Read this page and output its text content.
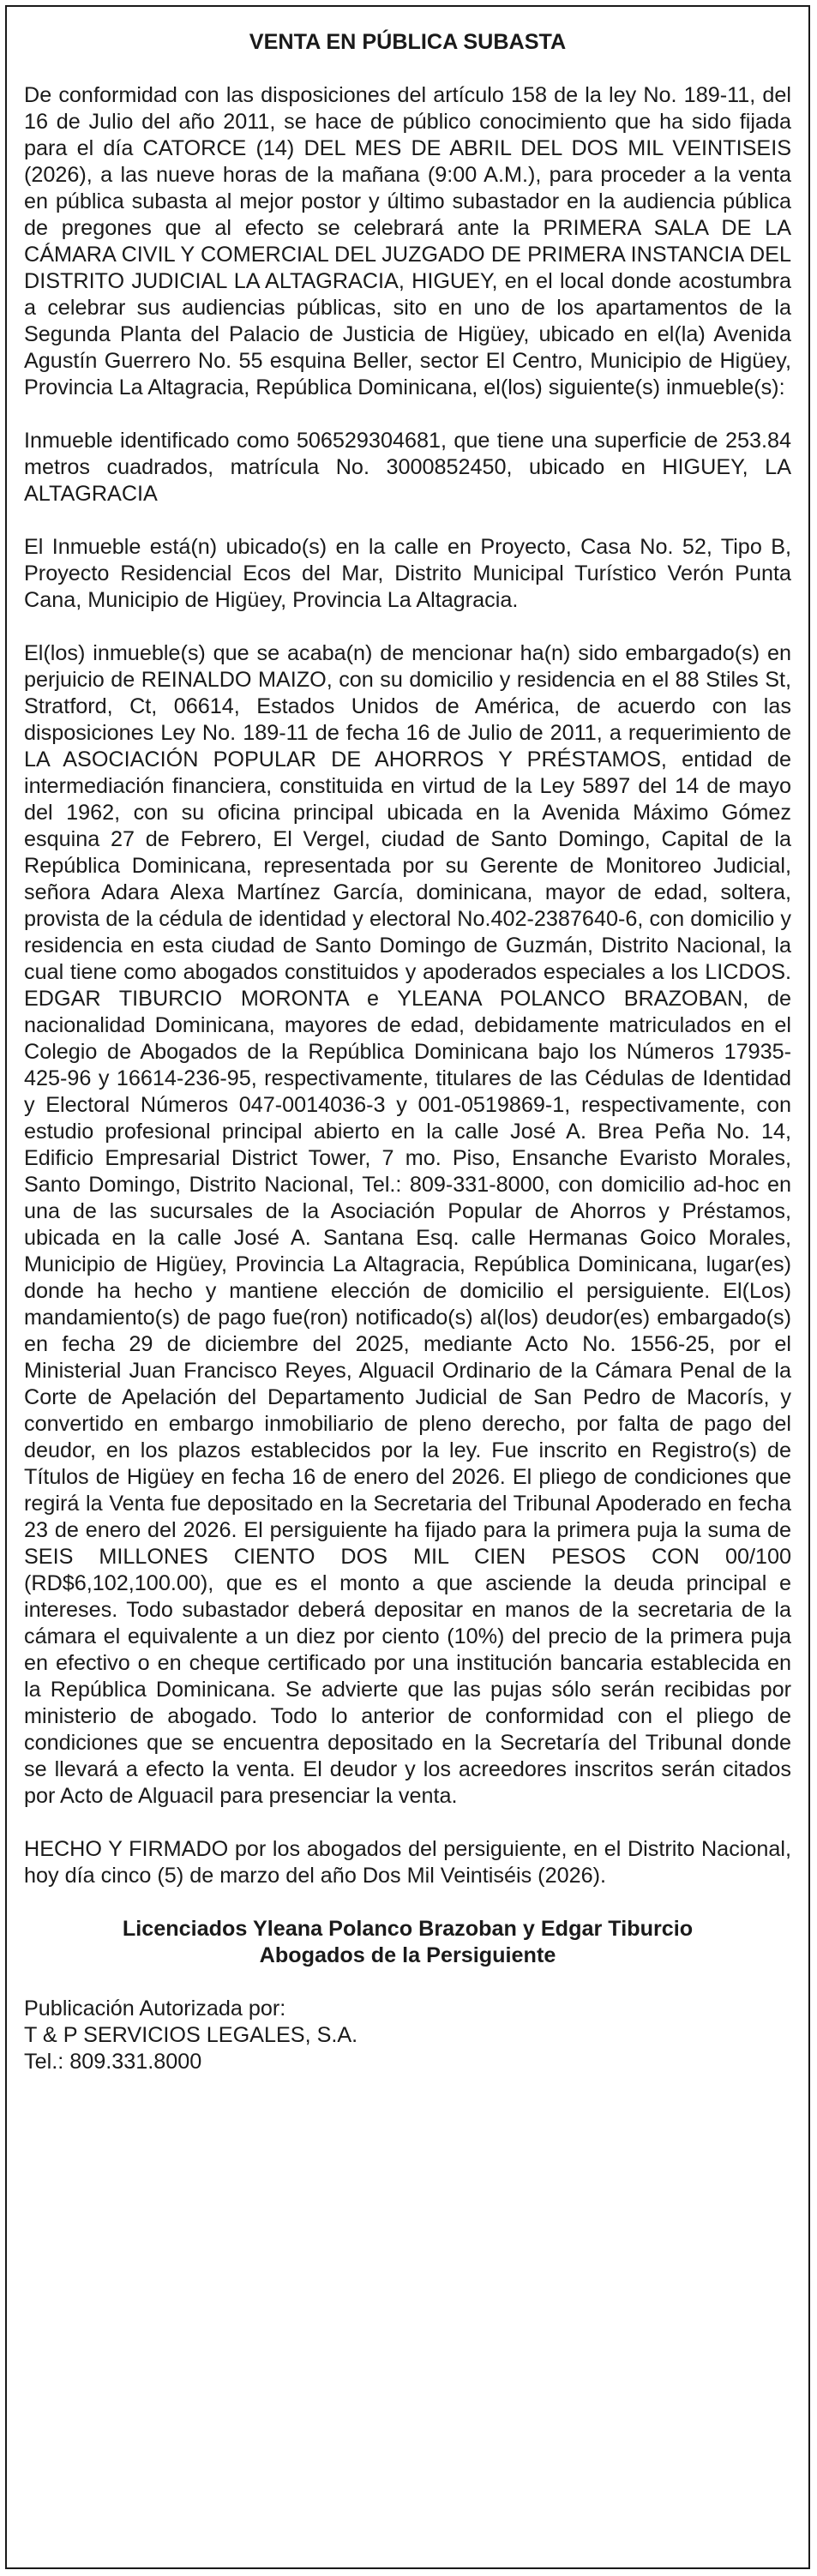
VENTA EN PÚBLICA SUBASTA

De conformidad con las disposiciones del artículo 158 de la ley No. 189-11, del 16 de Julio del año 2011, se hace de público conocimiento que ha sido fijada para el día CATORCE (14) DEL MES DE ABRIL DEL DOS MIL VEINTISEIS (2026), a las nueve horas de la mañana (9:00 A.M.), para proceder a la venta en pública subasta al mejor postor y último subastador en la audiencia pública de pregones que al efecto se celebrará ante la PRIMERA SALA DE LA CÁMARA CIVIL Y COMERCIAL DEL JUZGADO DE PRIMERA INSTANCIA DEL DISTRITO JUDICIAL LA ALTAGRACIA, HIGUEY, en el local donde acostumbra a celebrar sus audiencias públicas, sito en uno de los apartamentos de la Segunda Planta del Palacio de Justicia de Higüey, ubicado en el(la) Avenida Agustín Guerrero No. 55 esquina Beller, sector El Centro, Municipio de Higüey, Provincia La Altagracia, República Dominicana, el(los) siguiente(s) inmueble(s):

Inmueble identificado como 506529304681, que tiene una superficie de 253.84 metros cuadrados, matrícula No. 3000852450, ubicado en HIGUEY, LA ALTAGRACIA

El Inmueble está(n) ubicado(s) en la calle en Proyecto, Casa No. 52, Tipo B, Proyecto Residencial Ecos del Mar, Distrito Municipal Turístico Verón Punta Cana, Municipio de Higüey, Provincia La Altagracia.

El(los) inmueble(s) que se acaba(n) de mencionar ha(n) sido embargado(s) en perjuicio de REINALDO MAIZO, con su domicilio y residencia en el 88 Stiles St, Stratford, Ct, 06614, Estados Unidos de América, de acuerdo con las disposiciones Ley No. 189-11 de fecha 16 de Julio de 2011, a requerimiento de LA ASOCIACIÓN POPULAR DE AHORROS Y PRÉSTAMOS, entidad de intermediación financiera, constituida en virtud de la Ley 5897 del 14 de mayo del 1962, con su oficina principal ubicada en la Avenida Máximo Gómez esquina 27 de Febrero, El Vergel, ciudad de Santo Domingo, Capital de la República Dominicana, representada por su Gerente de Monitoreo Judicial, señora Adara Alexa Martínez García, dominicana, mayor de edad, soltera, provista de la cédula de identidad y electoral No.402-2387640-6, con domicilio y residencia en esta ciudad de Santo Domingo de Guzmán, Distrito Nacional, la cual tiene como abogados constituidos y apoderados especiales a los LICDOS. EDGAR TIBURCIO MORONTA e YLEANA POLANCO BRAZOBAN, de nacionalidad Dominicana, mayores de edad, debidamente matriculados en el Colegio de Abogados de la República Dominicana bajo los Números 17935-425-96 y 16614-236-95, respectivamente, titulares de las Cédulas de Identidad y Electoral Números 047-0014036-3 y 001-0519869-1, respectivamente, con estudio profesional principal abierto en la calle José A. Brea Peña No. 14, Edificio Empresarial District Tower, 7 mo. Piso, Ensanche Evaristo Morales, Santo Domingo, Distrito Nacional, Tel.: 809-331-8000, con domicilio ad-hoc en una de las sucursales de la Asociación Popular de Ahorros y Préstamos, ubicada en la calle José A. Santana Esq. calle Hermanas Goico Morales, Municipio de Higüey, Provincia La Altagracia, República Dominicana, lugar(es) donde ha hecho y mantiene elección de domicilio el persiguiente. El(Los) mandamiento(s) de pago fue(ron) notificado(s) al(los) deudor(es) embargado(s) en fecha 29 de diciembre del 2025, mediante Acto No. 1556-25, por el Ministerial Juan Francisco Reyes, Alguacil Ordinario de la Cámara Penal de la Corte de Apelación del Departamento Judicial de San Pedro de Macorís, y convertido en embargo inmobiliario de pleno derecho, por falta de pago del deudor, en los plazos establecidos por la ley. Fue inscrito en Registro(s) de Títulos de Higüey en fecha 16 de enero del 2026. El pliego de condiciones que regirá la Venta fue depositado en la Secretaria del Tribunal Apoderado en fecha 23 de enero del 2026. El persiguiente ha fijado para la primera puja la suma de SEIS MILLONES CIENTO DOS MIL CIEN PESOS CON 00/100 (RD$6,102,100.00), que es el monto a que asciende la deuda principal e intereses. Todo subastador deberá depositar en manos de la secretaria de la cámara el equivalente a un diez por ciento (10%) del precio de la primera puja en efectivo o en cheque certificado por una institución bancaria establecida en la República Dominicana. Se advierte que las pujas sólo serán recibidas por ministerio de abogado. Todo lo anterior de conformidad con el pliego de condiciones que se encuentra depositado en la Secretaría del Tribunal donde se llevará a efecto la venta. El deudor y los acreedores inscritos serán citados por Acto de Alguacil para presenciar la venta.

HECHO Y FIRMADO por los abogados del persiguiente, en el Distrito Nacional, hoy día cinco (5) de marzo del año Dos Mil Veintiséis (2026).

Licenciados Yleana Polanco Brazoban y Edgar Tiburcio
Abogados de la Persiguiente
Publicación Autorizada por:
T & P SERVICIOS LEGALES, S.A.
Tel.: 809.331.8000
